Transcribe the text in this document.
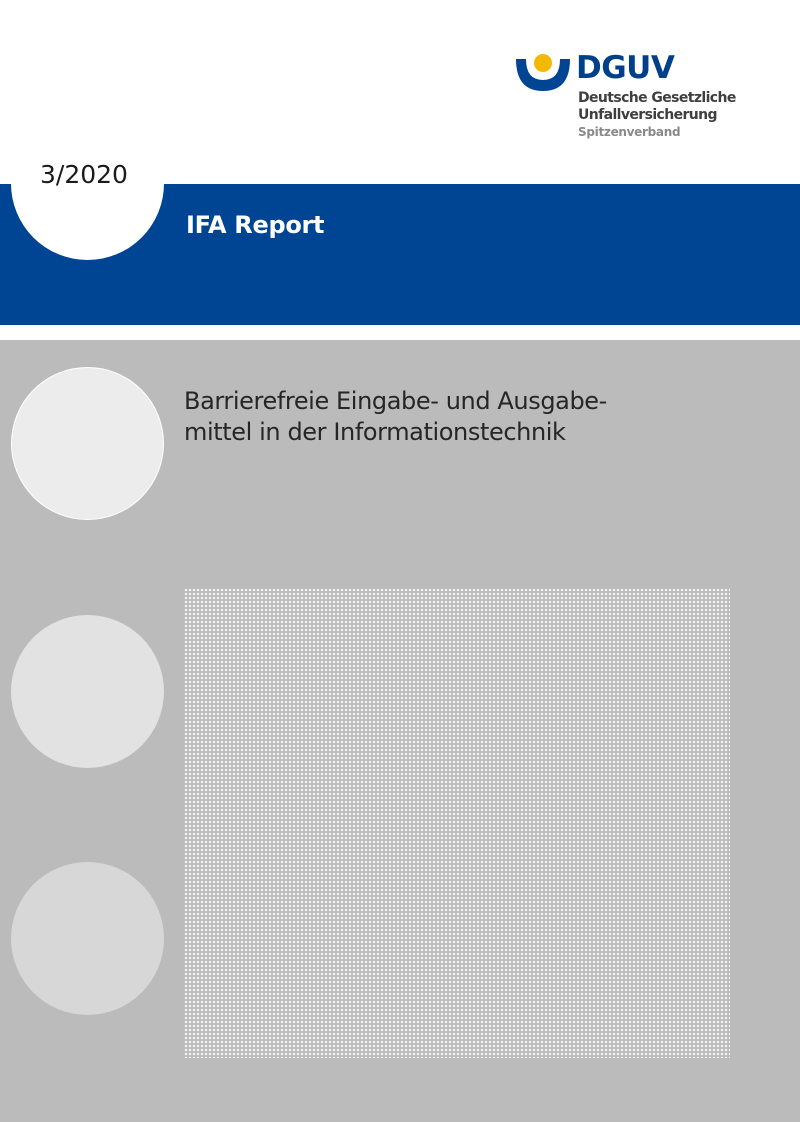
DGUV
Deutsche Gesetzliche
Unfallversicherung
Spitzenverband
IFA Report
3/2020
Barrierefreie Eingabe- und Ausgabe-
mittel in der Informationstechnik
